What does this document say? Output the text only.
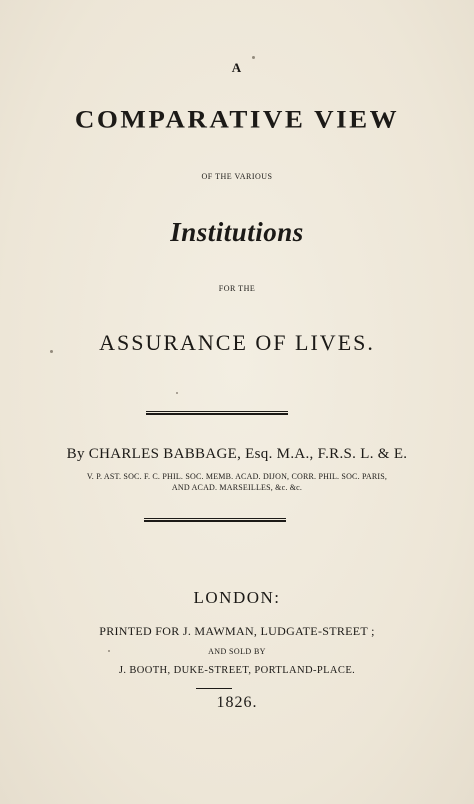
A
COMPARATIVE VIEW
OF THE VARIOUS
Institutions
FOR THE
ASSURANCE OF LIVES.
By CHARLES BABBAGE, Esq. M.A., F.R.S. L. & E.
V. P. AST. SOC. F. C. PHIL. SOC. MEMB. ACAD. DIJON, CORR. PHIL. SOC. PARIS,
AND ACAD. MARSEILLES, &c. &c.
LONDON:
PRINTED FOR J. MAWMAN, LUDGATE-STREET ;
AND SOLD BY
J. BOOTH, DUKE-STREET, PORTLAND-PLACE.
1826.
